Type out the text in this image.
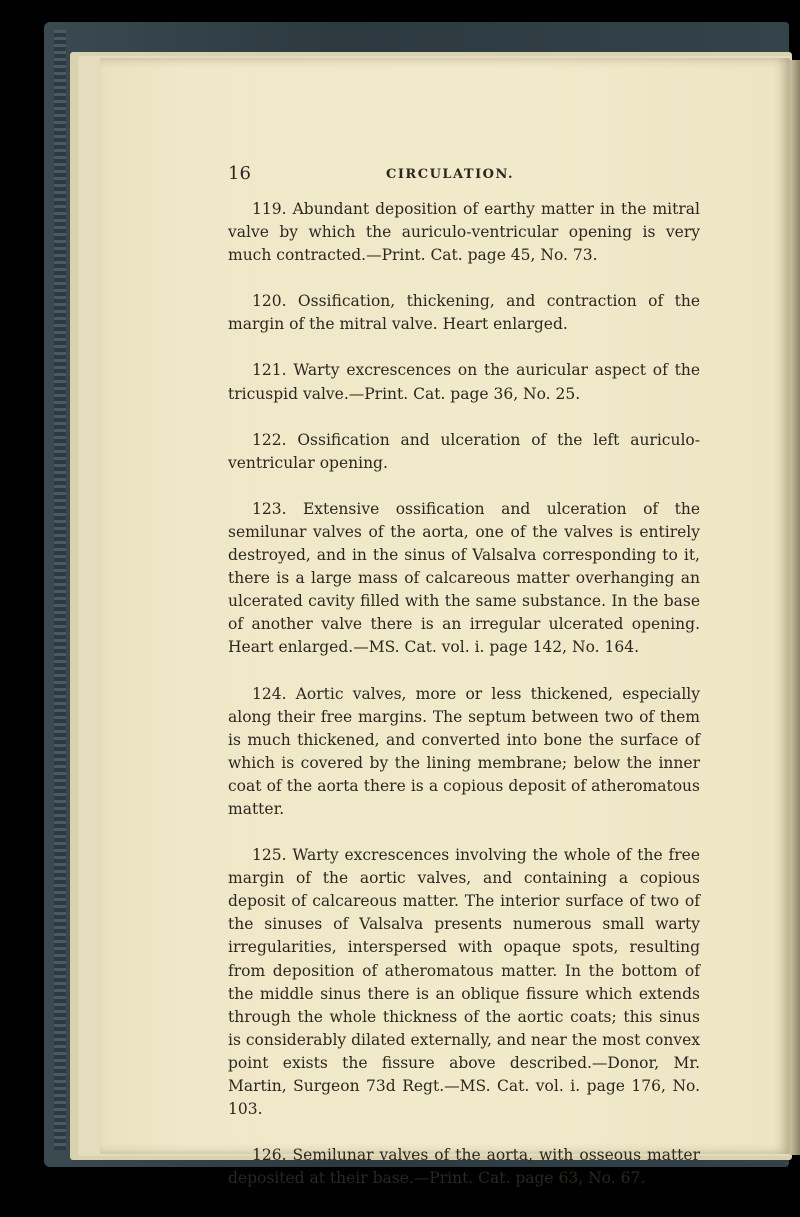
16	CIRCULATION.

119. Abundant deposition of earthy matter in the mitral valve by which the auriculo-ventricular opening is very much contracted.—Print. Cat. page 45, No. 73.

120. Ossification, thickening, and contraction of the margin of the mitral valve. Heart enlarged.

121. Warty excrescences on the auricular aspect of the tricuspid valve.—Print. Cat. page 36, No. 25.

122. Ossification and ulceration of the left auriculo-ventricular opening.

123. Extensive ossification and ulceration of the semilunar valves of the aorta, one of the valves is entirely destroyed, and in the sinus of Valsalva corresponding to it, there is a large mass of calcareous matter overhanging an ulcerated cavity filled with the same substance. In the base of another valve there is an irregular ulcerated opening. Heart enlarged.—MS. Cat. vol. i. page 142, No. 164.

124. Aortic valves, more or less thickened, especially along their free margins. The septum between two of them is much thickened, and converted into bone the surface of which is covered by the lining membrane; below the inner coat of the aorta there is a copious deposit of atheromatous matter.

125. Warty excrescences involving the whole of the free margin of the aortic valves, and containing a copious deposit of calcareous matter. The interior surface of two of the sinuses of Valsalva presents numerous small warty irregularities, interspersed with opaque spots, resulting from deposition of atheromatous matter. In the bottom of the middle sinus there is an oblique fissure which extends through the whole thickness of the aortic coats; this sinus is considerably dilated externally, and near the most convex point exists the fissure above described.—Donor, Mr. Martin, Surgeon 73d Regt.—MS. Cat. vol. i. page 176, No. 103.

126. Semilunar valves of the aorta, with osseous matter deposited at their base.—Print. Cat. page 63, No. 67.
